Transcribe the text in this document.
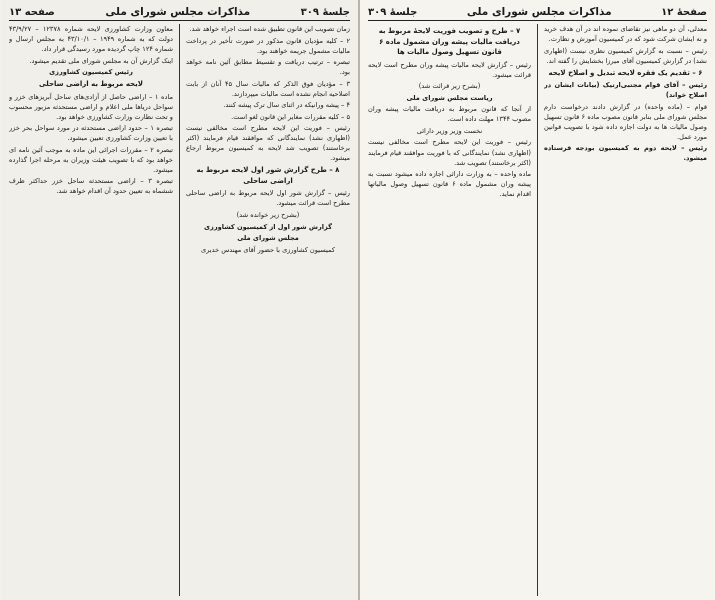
صفحهٔ ۱۲
مذاکرات مجلس شورای ملی
جلسهٔ ۳۰۹

معدلی، آن دو ماهی نیز تقاضای نموده اند در آن هدف خرید و نه ایشان شرکت شود که در کمیسیون آموزش و نظارت.

رئیس – نسبت به گزارش کمیسیون نظری نیست (اظهاری نشد) در گزارش کمیسیون آقای میرزا بخشایش را گفته اند.

۶ – تقدیم یک فقره لایحه تبدیل و اصلاح لایحه

رئیس – آقای قوام مجتبی‌ارتیک (بیانات ایشان در اصلاح خواند)

قوام – (ماده واحده) در گزارش دادند درخواست دارم مجلس شورای ملی بنابر قانون مصوب ماده ۶ قانون تسهیل وصول مالیات ها به دولت اجازه داده شود با تصویب قوانین مورد عمل.

رئیس – لایحه دوم به کمیسیون بودجه فرستاده میشود.

۷ – طرح و تصویب فوریت لایحهٔ مربوط به دریافت مالیات پیشه وران مشمول ماده ۶ قانون تسهیل وصول مالیات ها

رئیس – گزارش لایحه مالیات پیشه وران مطرح است لایحه قرائت میشود.

(بشرح زیر قرائت شد)

ریاست مجلس شورای ملی

از آنجا که قانون مربوط به دریافت مالیات پیشه وران مصوب ۱۳۴۴ مهلت داده است.

نخست وزیر وزیر دارائی

رئیس – فوریت این لایحه مطرح است مخالفی نیست (اظهاری نشد) نمایندگانی که با فوریت موافقند قیام فرمایند (اکثر برخاستند) تصویب شد.

ماده واحده – به وزارت دارائی اجازه داده میشود نسبت به پیشه وران مشمول ماده ۶ قانون تسهیل وصول مالیاتها اقدام نماید.

جلسهٔ ۳۰۹
مذاکرات مجلس شورای ملی
صفحه ۱۳

زمان تصویب این قانون تطبیق شده است اجراء خواهد شد.

۲ – کلیه مؤدیان قانون مذکور در صورت تأخیر در پرداخت مالیات مشمول جریمه خواهند بود.

تبصره – ترتیب دریافت و تقسیط مطابق آئین نامه خواهد بود.

۳ – مؤدیان فوق الذکر که مالیات سال ۴۵ آنان از بابت اصلاحیه انجام نشده است مالیات میپردازند.

۴ – پیشه ورانیکه در اثنای سال ترک پیشه کنند.

۵ – کلیه مقررات مغایر این قانون لغو است.

رئیس – فوریت این لایحه مطرح است مخالفی نیست (اظهاری نشد) نمایندگانی که موافقند قیام فرمایند (اکثر برخاستند) تصویب شد لایحه به کمیسیون مربوط ارجاع میشود.

۸ – طرح گزارش شور اول لایحه مربوط به اراضی ساحلی

رئیس – گزارش شور اول لایحه مربوط به اراضی ساحلی مطرح است قرائت میشود.

(بشرح زیر خوانده شد)

گزارش شور اول از کمیسیون کشاورزی

مجلس شورای ملی

کمیسیون کشاورزی با حضور آقای مهندس خدیری

معاون وزارت کشاورزی لایحه شماره ۱۲۳۷۸ – ۴۳/۹/۲۷ دولت که به شماره ۱۹۴۹ – ۴۳/۱۰/۱ به مجلس ارسال و شماره ۱۲۴ چاپ گردیده مورد رسیدگی قرار داد.

اینک گزارش آن به مجلس شورای ملی تقدیم میشود.

رئیس کمیسیون کشاورزی

لایحه مربوط به اراضی ساحلی

ماده ۱ – اراضی حاصل از آزادی‌ها‌ی ساحل آبریزهای خزر و سواحل دریاها ملی اعلام و اراضی مستحدثه مزبور محسوب و تحت نظارت وزارت کشاورزی خواهد بود.

تبصره ۱ – حدود اراضی مستحدثه در مورد سواحل بحر خزر با تعیین وزارت کشاورزی تعیین میشود.

تبصره ۲ – مقررات اجرائی این ماده به موجب آئین نامه ای خواهد بود که با تصویب هیئت وزیران به مرحله اجرا گذارده میشود.

تبصره ۳ – اراضی مستحدثه ساحل خزر حداکثر ظرف ششماه به تعیین حدود آن اقدام خواهد شد.
